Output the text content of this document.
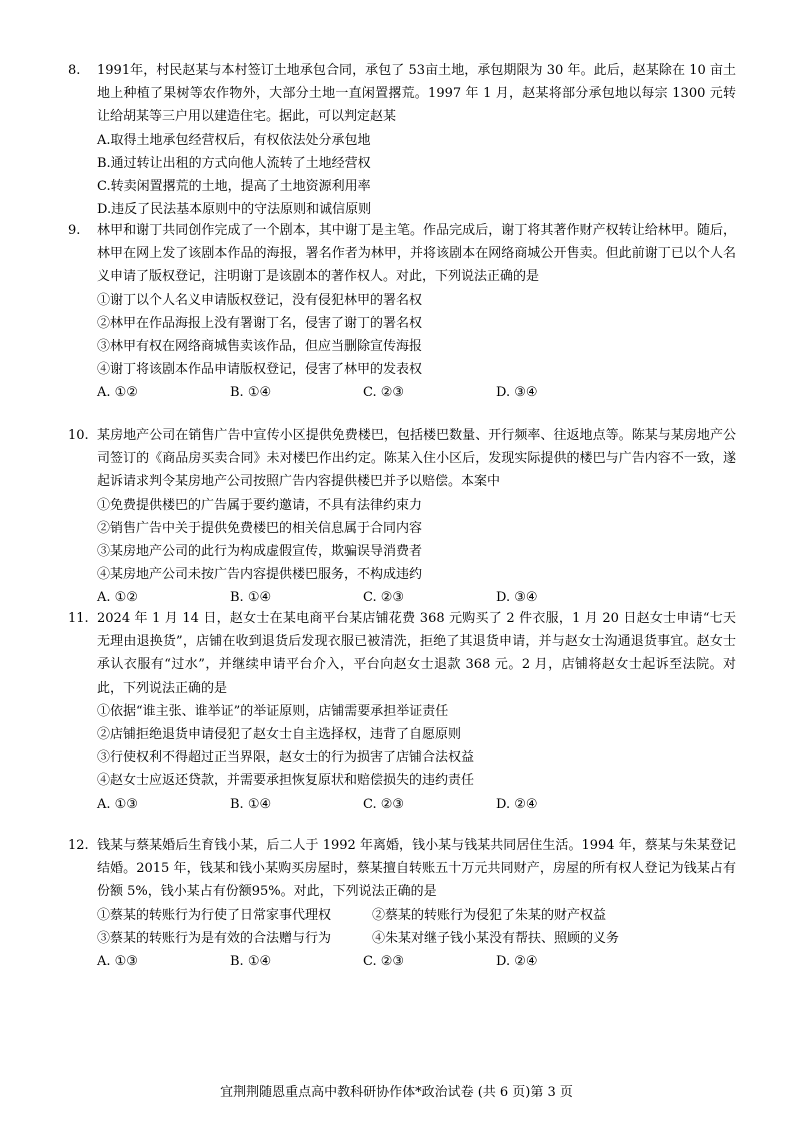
8. 1991年，村民赵某与本村签订土地承包合同，承包了 53亩土地，承包期限为 30 年。此后，赵某除在 10 亩土地上种植了果树等农作物外，大部分土地一直闲置撂荒。1997 年 1 月，赵某将部分承包地以每宗 1300 元转让给胡某等三户用以建造住宅。据此，可以判定赵某

A.取得土地承包经营权后，有权依法处分承包地

B.通过转让出租的方式向他人流转了土地经营权

C.转卖闲置撂荒的土地，提高了土地资源利用率

D.违反了民法基本原则中的守法原则和诚信原则

9. 林甲和谢丁共同创作完成了一个剧本，其中谢丁是主笔。作品完成后，谢丁将其著作财产权转让给林甲。随后，林甲在网上发了该剧本作品的海报，署名作者为林甲，并将该剧本在网络商城公开售卖。但此前谢丁已以个人名义申请了版权登记，注明谢丁是该剧本的著作权人。对此，下列说法正确的是

①谢丁以个人名义申请版权登记，没有侵犯林甲的署名权

②林甲在作品海报上没有署谢丁名，侵害了谢丁的署名权

③林甲有权在网络商城售卖该作品，但应当删除宣传海报

④谢丁将该剧本作品申请版权登记，侵害了林甲的发表权

A. ①②	B. ①④	C. ②③	D. ③④

10. 某房地产公司在销售广告中宣传小区提供免费楼巴，包括楼巴数量、开行频率、往返地点等。陈某与某房地产公司签订的《商品房买卖合同》未对楼巴作出约定。陈某入住小区后，发现实际提供的楼巴与广告内容不一致，遂起诉请求判令某房地产公司按照广告内容提供楼巴并予以赔偿。本案中

①免费提供楼巴的广告属于要约邀请，不具有法律约束力

②销售广告中关于提供免费楼巴的相关信息属于合同内容

③某房地产公司的此行为构成虚假宣传，欺骗误导消费者

④某房地产公司未按广告内容提供楼巴服务，不构成违约

A. ①②	B. ①④	C. ②③	D. ③④

11. 2024 年 1 月 14 日，赵女士在某电商平台某店铺花费 368 元购买了 2 件衣服，1 月 20 日赵女士申请“七天无理由退换货”，店铺在收到退货后发现衣服已被清洗，拒绝了其退货申请，并与赵女士沟通退货事宜。赵女士承认衣服有“过水”，并继续申请平台介入，平台向赵女士退款 368 元。2 月，店铺将赵女士起诉至法院。对此，下列说法正确的是

①依据“谁主张、谁举证”的举证原则，店铺需要承担举证责任

②店铺拒绝退货申请侵犯了赵女士自主选择权，违背了自愿原则

③行使权利不得超过正当界限，赵女士的行为损害了店铺合法权益

④赵女士应返还贷款，并需要承担恢复原状和赔偿损失的违约责任

A. ①③	B. ①④	C. ②③	D. ②④

12. 钱某与蔡某婚后生育钱小某，后二人于 1992 年离婚，钱小某与钱某共同居住生活。1994 年，蔡某与朱某登记结婚。2015 年，钱某和钱小某购买房屋时，蔡某擅自转账五十万元共同财产，房屋的所有权人登记为钱某占有份额 5%，钱小某占有份额95%。对此，下列说法正确的是

①蔡某的转账行为行使了日常家事代理权	②蔡某的转账行为侵犯了朱某的财产权益
③蔡某的转账行为是有效的合法赠与行为	④朱某对继子钱小某没有帮扶、照顾的义务
A. ①③	B. ①④	C. ②③	D. ②④
宜荆荆随恩重点高中教科研协作体*政治试卷 (共 6 页)第 3 页
